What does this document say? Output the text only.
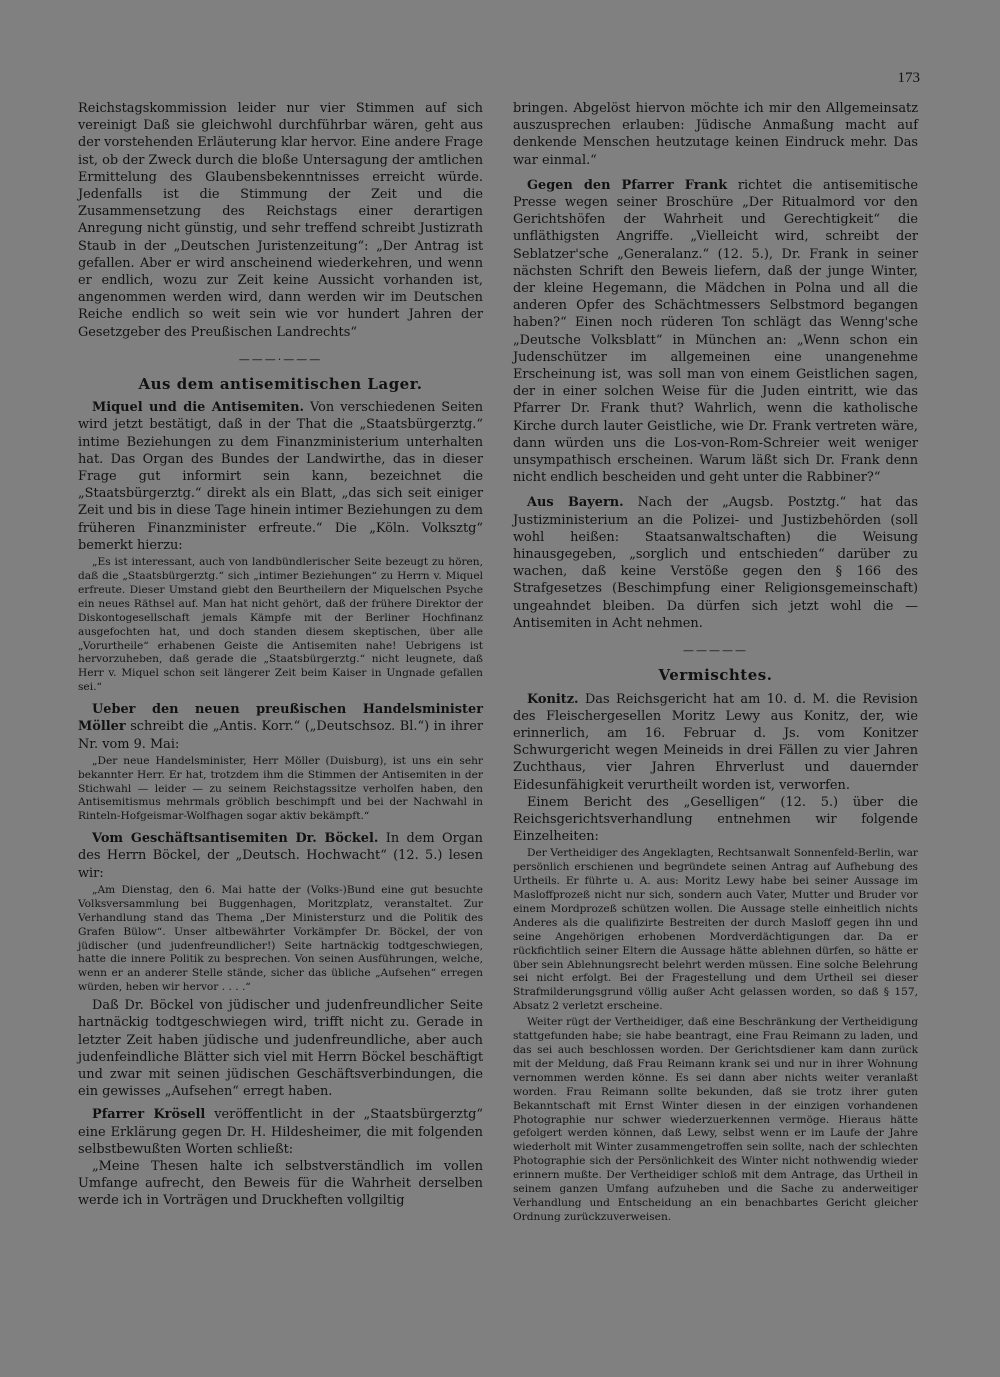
173

Reichstagskommission leider nur vier Stimmen auf sich vereinigt Daß sie gleichwohl durchführbar wären, geht aus der vorstehenden Erläuterung klar hervor. Eine andere Frage ist, ob der Zweck durch die bloße Untersagung der amtlichen Ermittelung des Glaubensbekenntnisses erreicht würde. Jedenfalls ist die Stimmung der Zeit und die Zusammensetzung des Reichstags einer derartigen Anregung nicht günstig, und sehr treffend schreibt Justizrath Staub in der „Deutschen Juristenzeitung“: „Der Antrag ist gefallen. Aber er wird anscheinend wiederkehren, und wenn er endlich, wozu zur Zeit keine Aussicht vorhanden ist, angenommen werden wird, dann werden wir im Deutschen Reiche endlich so weit sein wie vor hundert Jahren der Gesetzgeber des Preußischen Landrechts“

———·———
Aus dem antisemitischen Lager.

Miquel und die Antisemiten. Von verschiedenen Seiten wird jetzt bestätigt, daß in der That die „Staatsbürgerztg.“ intime Beziehungen zu dem Finanzministerium unterhalten hat. Das Organ des Bundes der Landwirthe, das in dieser Frage gut informirt sein kann, bezeichnet die „Staatsbürgerztg.“ direkt als ein Blatt, „das sich seit einiger Zeit und bis in diese Tage hinein intimer Beziehungen zu dem früheren Finanzminister erfreute.“ Die „Köln. Volksztg“ bemerkt hierzu:

„Es ist interessant, auch von landbündlerischer Seite bezeugt zu hören, daß die „Staatsbürgerztg.“ sich „intimer Beziehungen“ zu Herrn v. Miquel erfreute. Dieser Umstand giebt den Beurtheilern der Miquelschen Psyche ein neues Räthsel auf. Man hat nicht gehört, daß der frühere Direktor der Diskontogesellschaft jemals Kämpfe mit der Berliner Hochfinanz ausgefochten hat, und doch standen diesem skeptischen, über alle „Vorurtheile“ erhabenen Geiste die Antisemiten nahe! Uebrigens ist hervorzuheben, daß gerade die „Staatsbürgerztg.“ nicht leugnete, daß Herr v. Miquel schon seit längerer Zeit beim Kaiser in Ungnade gefallen sei.“

Ueber den neuen preußischen Handelsminister Möller schreibt die „Antis. Korr.“ („Deutschsoz. Bl.“) in ihrer Nr. vom 9. Mai:

„Der neue Handelsminister, Herr Möller (Duisburg), ist uns ein sehr bekannter Herr. Er hat, trotzdem ihm die Stimmen der Antisemiten in der Stichwahl — leider — zu seinem Reichstagssitze verholfen haben, den Antisemitismus mehrmals gröblich beschimpft und bei der Nachwahl in Rinteln-Hofgeismar-Wolfhagen sogar aktiv bekämpft.“

Vom Geschäftsantisemiten Dr. Böckel. In dem Organ des Herrn Böckel, der „Deutsch. Hochwacht“ (12. 5.) lesen wir:

„Am Dienstag, den 6. Mai hatte der (Volks-)Bund eine gut besuchte Volksversammlung bei Buggenhagen, Moritzplatz, veranstaltet. Zur Verhandlung stand das Thema „Der Ministersturz und die Politik des Grafen Bülow“. Unser altbewährter Vorkämpfer Dr. Böckel, der von jüdischer (und judenfreundlicher!) Seite hartnäckig todtgeschwiegen, hatte die innere Politik zu besprechen. Von seinen Ausführungen, welche, wenn er an anderer Stelle stände, sicher das übliche „Aufsehen“ erregen würden, heben wir hervor . . . .“

Daß Dr. Böckel von jüdischer und judenfreundlicher Seite hartnäckig todtgeschwiegen wird, trifft nicht zu. Gerade in letzter Zeit haben jüdische und judenfreundliche, aber auch judenfeindliche Blätter sich viel mit Herrn Böckel beschäftigt und zwar mit seinen jüdischen Geschäftsverbindungen, die ein gewisses „Aufsehen“ erregt haben.

Pfarrer Krösell veröffentlicht in der „Staatsbürgerztg“ eine Erklärung gegen Dr. H. Hildesheimer, die mit folgenden selbstbewußten Worten schließt:

„Meine Thesen halte ich selbstverständlich im vollen Umfange aufrecht, den Beweis für die Wahrheit derselben werde ich in Vorträgen und Druckheften vollgiltig

bringen. Abgelöst hiervon möchte ich mir den Allgemeinsatz auszusprechen erlauben: Jüdische Anmaßung macht auf denkende Menschen heutzutage keinen Eindruck mehr. Das war einmal.“

Gegen den Pfarrer Frank richtet die antisemitische Presse wegen seiner Broschüre „Der Ritualmord vor den Gerichtshöfen der Wahrheit und Gerechtigkeit“ die unfläthigsten Angriffe. „Vielleicht wird, schreibt der Seblatzer'sche „Generalanz.“ (12. 5.), Dr. Frank in seiner nächsten Schrift den Beweis liefern, daß der junge Winter, der kleine Hegemann, die Mädchen in Polna und all die anderen Opfer des Schächtmessers Selbstmord begangen haben?“ Einen noch rüderen Ton schlägt das Wenng'sche „Deutsche Volksblatt“ in München an: „Wenn schon ein Judenschützer im allgemeinen eine unangenehme Erscheinung ist, was soll man von einem Geistlichen sagen, der in einer solchen Weise für die Juden eintritt, wie das Pfarrer Dr. Frank thut? Wahrlich, wenn die katholische Kirche durch lauter Geistliche, wie Dr. Frank vertreten wäre, dann würden uns die Los-von-Rom-Schreier weit weniger unsympathisch erscheinen. Warum läßt sich Dr. Frank denn nicht endlich bescheiden und geht unter die Rabbiner?“

Aus Bayern. Nach der „Augsb. Postztg.“ hat das Justizministerium an die Polizei- und Justizbehörden (soll wohl heißen: Staatsanwaltschaften) die Weisung hinausgegeben, „sorglich und entschieden“ darüber zu wachen, daß keine Verstöße gegen den § 166 des Strafgesetzes (Beschimpfung einer Religionsgemeinschaft) ungeahndet bleiben. Da dürfen sich jetzt wohl die — Antisemiten in Acht nehmen.

—————
Vermischtes.

Konitz. Das Reichsgericht hat am 10. d. M. die Revision des Fleischergesellen Moritz Lewy aus Konitz, der, wie erinnerlich, am 16. Februar d. Js. vom Konitzer Schwurgericht wegen Meineids in drei Fällen zu vier Jahren Zuchthaus, vier Jahren Ehrverlust und dauernder Eidesunfähigkeit verurtheilt worden ist, verworfen.

Einem Bericht des „Geselligen“ (12. 5.) über die Reichsgerichtsverhandlung entnehmen wir folgende Einzelheiten:

Der Vertheidiger des Angeklagten, Rechtsanwalt Sonnenfeld-Berlin, war persönlich erschienen und begründete seinen Antrag auf Aufhebung des Urtheils. Er führte u. A. aus: Moritz Lewy habe bei seiner Aussage im Masloffprozeß nicht nur sich, sondern auch Vater, Mutter und Bruder vor einem Mordprozeß schützen wollen. Die Aussage stelle einheitlich nichts Anderes als die qualifizirte Bestreiten der durch Masloff gegen ihn und seine Angehörigen erhobenen Mordverdächtigungen dar. Da er rückfichtlich seiner Eltern die Aussage hätte ablehnen dürfen, so hätte er über sein Ablehnungsrecht belehrt werden müssen. Eine solche Belehrung sei nicht erfolgt. Bei der Fragestellung und dem Urtheil sei dieser Strafmilderungsgrund völlig außer Acht gelassen worden, so daß § 157, Absatz 2 verletzt erscheine.

Weiter rügt der Vertheidiger, daß eine Beschränkung der Vertheidigung stattgefunden habe; sie habe beantragt, eine Frau Reimann zu laden, und das sei auch beschlossen worden. Der Gerichtsdiener kam dann zurück mit der Meldung, daß Frau Reimann krank sei und nur in ihrer Wohnung vernommen werden könne. Es sei dann aber nichts weiter veranlaßt worden. Frau Reimann sollte bekunden, daß sie trotz ihrer guten Bekanntschaft mit Ernst Winter diesen in der einzigen vorhandenen Photographie nur schwer wiederzuerkennen vermöge. Hieraus hätte gefolgert werden können, daß Lewy, selbst wenn er im Laufe der Jahre wiederholt mit Winter zusammengetroffen sein sollte, nach der schlechten Photographie sich der Persönlichkeit des Winter nicht nothwendig wieder erinnern mußte. Der Vertheidiger schloß mit dem Antrage, das Urtheil in seinem ganzen Umfang aufzuheben und die Sache zu anderweitiger Verhandlung und Entscheidung an ein benachbartes Gericht gleicher Ordnung zurückzuverweisen.
